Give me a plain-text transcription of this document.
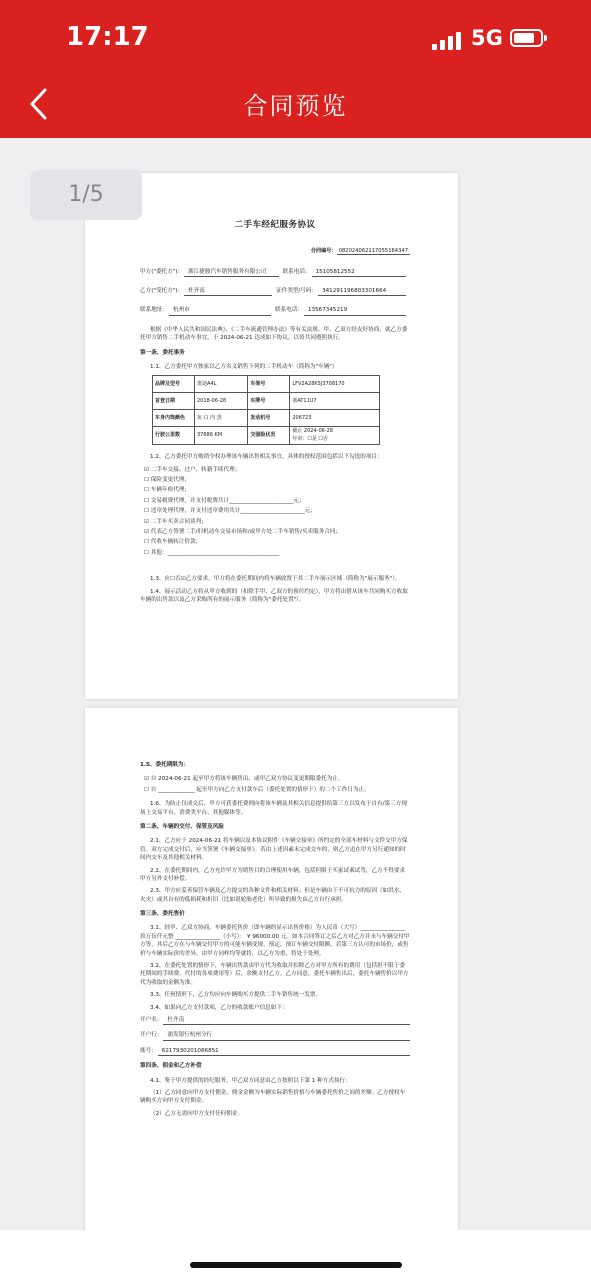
17:17	5G
合同预览
二手车经纪服务协议
合同编号： 0820240621170551643​47
甲方("委托方")： 浙江捷骏汽车销售服务有限公司	联系电话： 15105812552
乙方("受托方")： 杜齐南	证件类型/号码： 341291196803301664
联系地址： 杭州市	联系电话： 13567345219
根据《中华人民共和国民法典》、《二手车流通管理办法》等有关法规、甲、乙双方经友好协商，就乙方委托甲方销售二手机动车事宜，于 2024-06-21 达成如下协议，以资共同遵照执行。
第一条、委托事务
1.1、乙方委托甲方独家以乙方名义销售下列的二手机动车（简称为"车辆"）
品牌及型号	奥迪A4L	车架号	LFV2A28K5J3708170
首登日期	2018-06-28	车牌号	浙AT11U7
车身内饰颜色	灰 白 内 黑	发动机号	206723
行驶公里数	37686 KM	交强险状况	截止 2024-06-28
年审：☐是 ☐否
1.2、乙方委托甲方购销全权办理该车辆出售相关事宜，具体的授权范围包括以下勾选的项目：
☑ 二手车交接、过户、转籍手续代理；
☐ 保险变更代理；
☐ 车辆年检代理；
☐ 交易税费代理，并支付税费共计_______________________元；
☐ 违章处理代理，并支付违章费用共计_______________________元；
☑ 二手车买卖合同谈判；
☑ 代表乙方签署二手/旧机动车交易市场和/或甲方处二手车销售/买卖服务合同；
☐ 代收车辆转让价款；
☐ 其他：________________________________________
1.3、应☐否☑乙方要求，甲方将在委托期间内将车辆放置于其二手车展示区域（简称为"展示服务"）。
1.4、展示活动乙方将从甲方收到的（扣除手甲、乙双方的预付约定），甲方将出借从该车共同购买方收取车辆的出售款以及乙方采购所有的展示服务（简称为"委托处置"）。
1.5、委托期限为：
☑ 自 2024-06-21 起至甲方将该车辆售出、或甲乙双方协议变更期限委托为止。
☐ 自 _____________ 起至甲方向乙方支付款车后（委托处置的情形下）的二个工作日为止。
1.6、为防止仅成交后，甲方可获委托费则向将该车辆及其相关信息提供给第三方以发布于自有/第三方现场上交易平台、消费类平台、其他媒体等。
第二条、车辆的交付、保管及风险
2.1、乙方应于 2024-06-21 将车辆以及本协议附件《车辆交接单》所约定的全部车材料与文件交甲方保管。双方完成交付后，应当签署《车辆交接单》。若由上述因素未完成交车的，则乙方追在甲方另行通知的时间内交车及其他相关材料。
2.2、在委托期间内，乙方允许甲方为销售目的合理使用车辆，包括但限于买家试乘试驾，乙方不得要求甲方另外支付补偿。
2.3、甲方应妥善保管车辆及乙方提交的各种文件和相关材料；但是车辆由于不可抗力的原因（如洪水、火灾）或其自有的低损耗和折旧（比如说轮胎老化）所导致的损失由乙方自行承担。
第三条、委托售价
3.1、经甲、乙双方协商，车辆委托售价（即车辆的显示出售价格）为人民币（大写）________________ 玖万伍仟元整 ________________（小写）： ¥ 96000.00 元。如本合同签订之后乙方对乙方并未与车辆交付甲方等，其后乙方在与车辆交付甲方的可能车辆变规、预定、预订车辆交付限额，若第三方认可的市场价，或售价与车辆实际价的差异，由甲方同样均等就将，以乙方为重，将处于处理。
3.2、在委托处置的情形下，车辆出售款由甲方代为收取并扣除乙方对甲方所有的费用（包括但不限于委托期间的手续费、代付的各项费用等）后，余额支付乙方。乙方同意，委托车辆售出后，委托车辆售价以甲方代为收取的金额为准。
3.3、任何情形下，乙方均应向车辆购买方提供二手车销售统一发票。
3.4、如果向乙方支付款项，乙方的收款账户信息如下：
开户名： 杜齐南
开户行： 浦发银行杭州分行
账号： 6217930201086851
第四条、佣金和乙方补偿
4.1、鉴于甲方提供的经纪服务，甲乙双方同意由乙方按照以下第 1 种方式执行：
（1）乙方同意向甲方支付佣金，佣金金额为车辆实际销售价格与车辆委托售价之间的差额；乙方授权车辆购买方向甲方支付佣金。
（2）乙方无需向甲方支付任何佣金。
1/5
